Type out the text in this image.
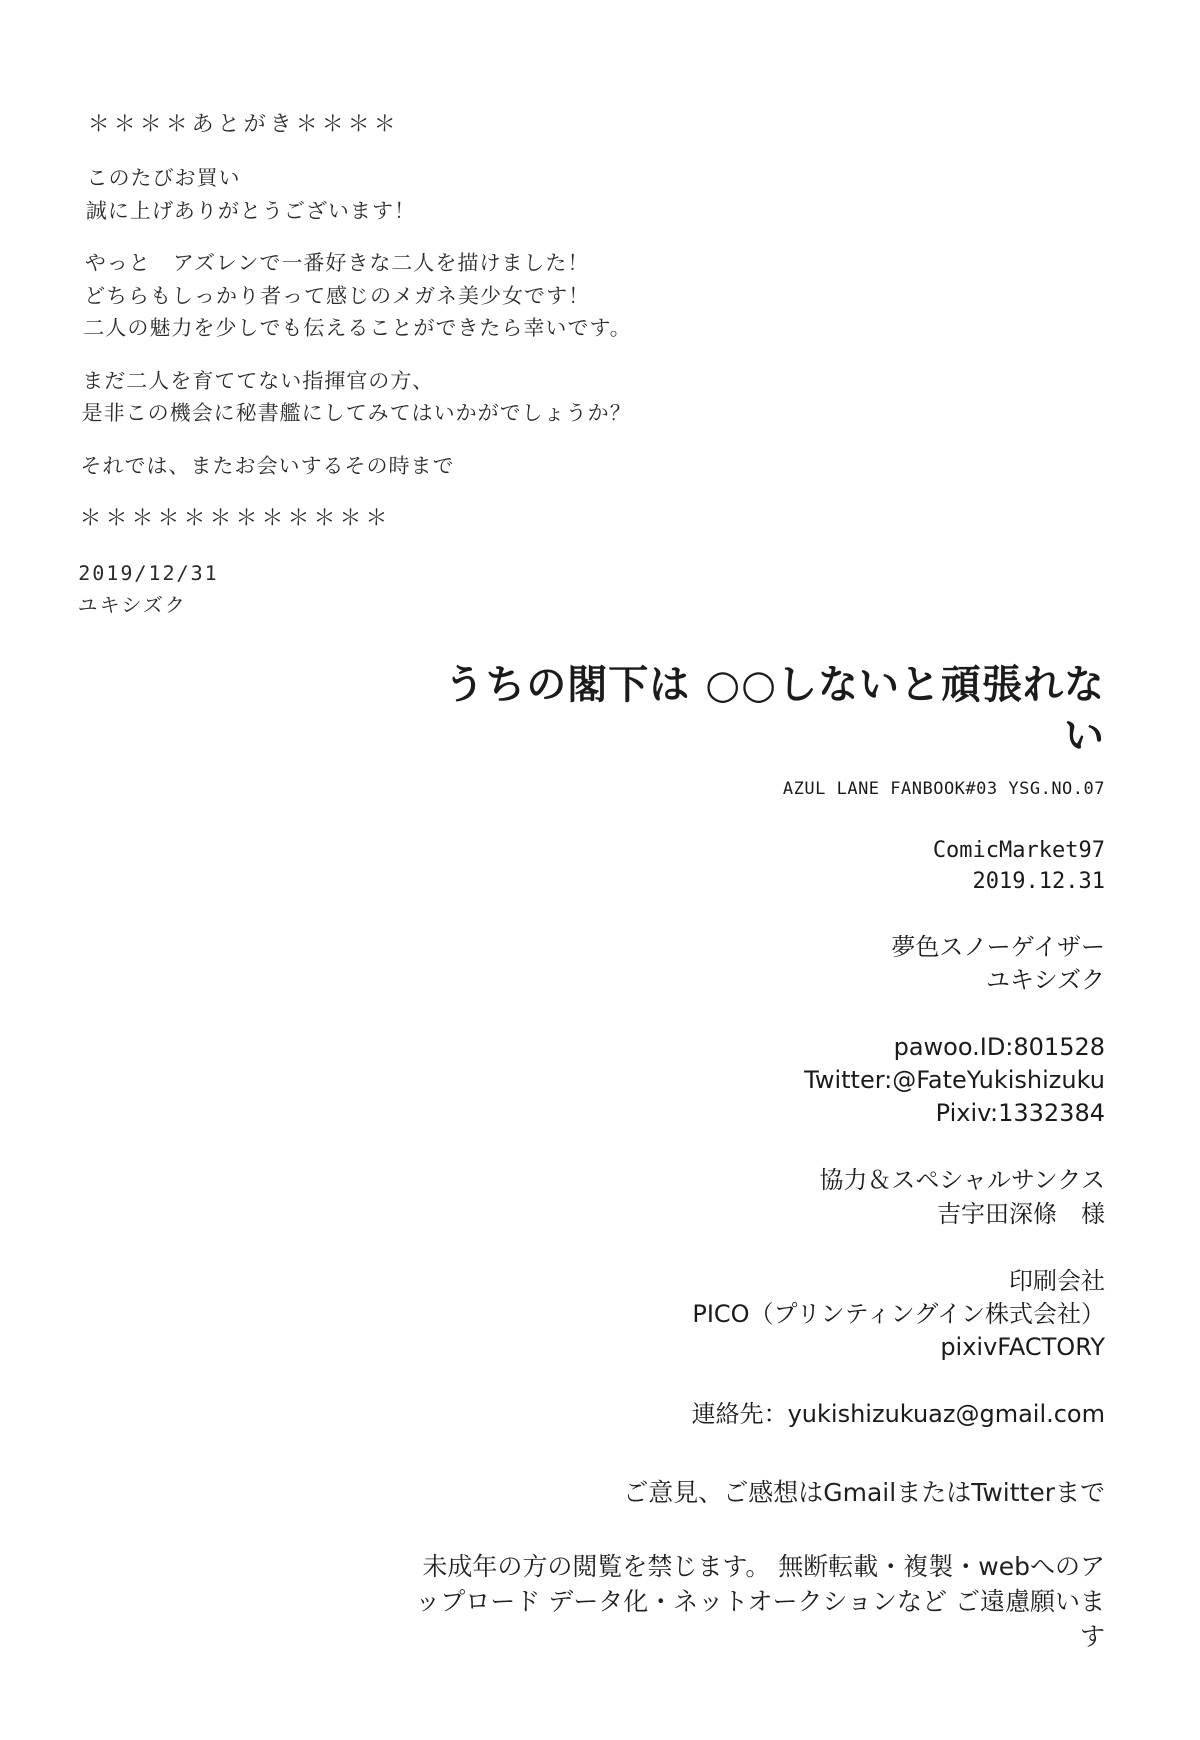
＊＊＊＊あとがき＊＊＊＊

このたびお買い

誠に上げありがとうございます！

やっと　アズレンで一番好きな二人を描けました！

どちらもしっかり者って感じのメガネ美少女です！

二人の魅力を少しでも伝えることができたら幸いです。

まだ二人を育ててない指揮官の方、

是非この機会に秘書艦にしてみてはいかがでしょうか？

それでは、またお会いするその時まで

＊＊＊＊＊＊＊＊＊＊＊＊

2019/12/31

ユキシズク

うちの閣下は ○○しないと頑張れない
AZUL LANE FANBOOK#03 YSG.NO.07
ComicMarket97
2019.12.31
夢色スノーゲイザー
ユキシズク
pawoo.ID:801528
Twitter:@FateYukishizuku
Pixiv:1332384
協力＆スペシャルサンクス
吉宇田深條　様
印刷会社
PICO（プリンティングイン株式会社）
pixivFACTORY
連絡先：yukishizukuaz@gmail.com
ご意見、ご感想はGmailまたはTwitterまで
未成年の方の閲覧を禁じます。 無断転載・複製・webへのアップロード データ化・ネットオークションなど ご遠慮願います
